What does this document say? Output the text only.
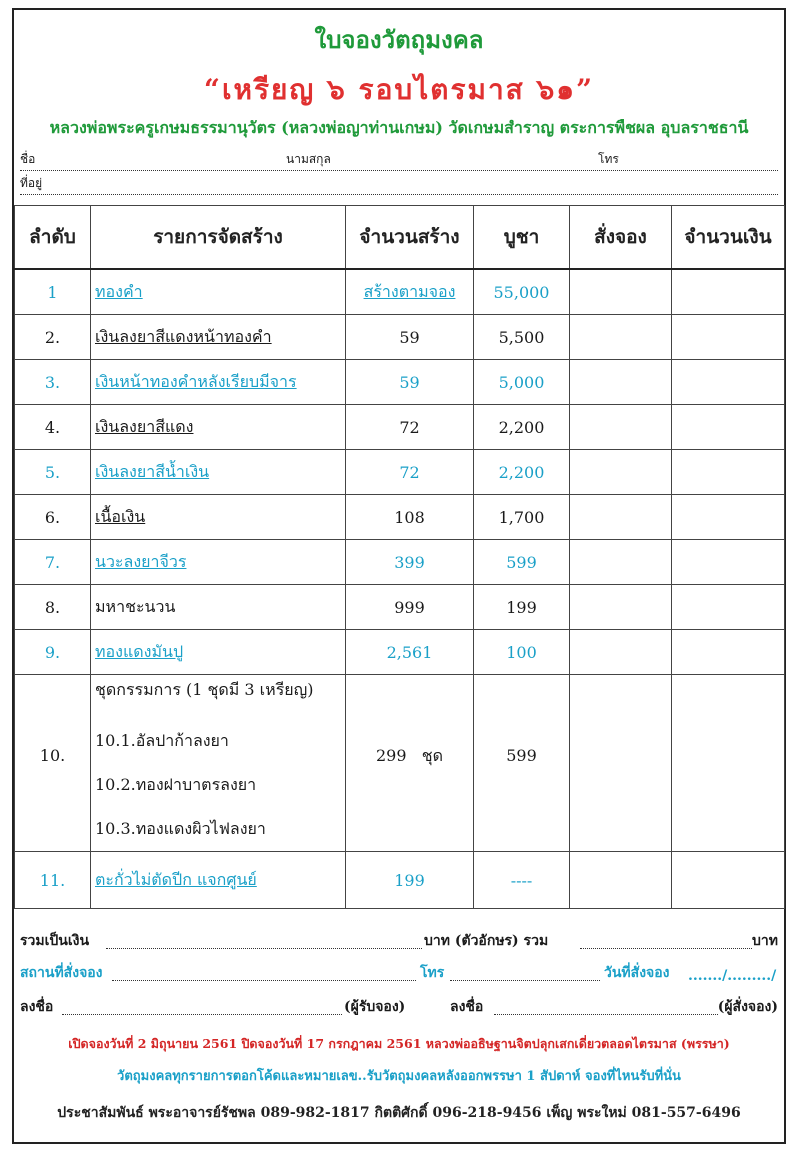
ใบจองวัตถุมงคล
“เหรียญ ๖ รอบไตรมาส ๖๑”
หลวงพ่อพระครูเกษมธรรมานุวัตร (หลวงพ่อญาท่านเกษม) วัดเกษมสำราญ ตระการพืชผล อุบลราชธานี
ชื่อ	นามสกุล	โทร
ที่อยู่
ลำดับ	รายการจัดสร้าง	จำนวนสร้าง	บูชา	สั่งจอง	จำนวนเงิน
1	ทองคำ	สร้างตามจอง	55,000		
2.	เงินลงยาสีแดงหน้าทองคำ	59	5,500		
3.	เงินหน้าทองคำหลังเรียบมีจาร	59	5,000		
4.	เงินลงยาสีแดง	72	2,200		
5.	เงินลงยาสีน้ำเงิน	72	2,200		
6.	เนื้อเงิน	108	1,700		
7.	นวะลงยาจีวร	399	599		
8.	มหาชะนวน	999	199		
9.	ทองแดงมันปู	2,561	100		

10.	ชุดกรรมการ (1 ชุดมี 3 เหรียญ)
10.1.อัลปาก้าลงยา
10.2.ทองฝาบาตรลงยา
10.3.ทองแดงผิวไฟลงยา	299 ชุด	599		

11.	ตะกั่วไม่ตัดปีก แจกศูนย์	199	----		
รวมเป็นเงิน	บาท (ตัวอักษร) รวม	บาท
สถานที่สั่งจอง	โทร	วันที่สั่งจอง ......./........./
ลงชื่อ	(ผู้รับจอง)	ลงชื่อ	(ผู้สั่งจอง)
เปิดจองวันที่ 2 มิถุนายน 2561 ปิดจองวันที่ 17 กรกฎาคม 2561 หลวงพ่ออธิษฐานจิตปลุกเสกเดี่ยวตลอดไตรมาส (พรรษา)
วัตถุมงคลทุกรายการตอกโค้ดและหมายเลข..รับวัตถุมงคลหลังออกพรรษา 1 สัปดาห์ จองที่ไหนรับที่นั่น
ประชาสัมพันธ์ พระอาจารย์รัชพล 089-982-1817 กิตติศักดิ์ 096-218-9456 เพ็ญ พระใหม่ 081-557-6496
